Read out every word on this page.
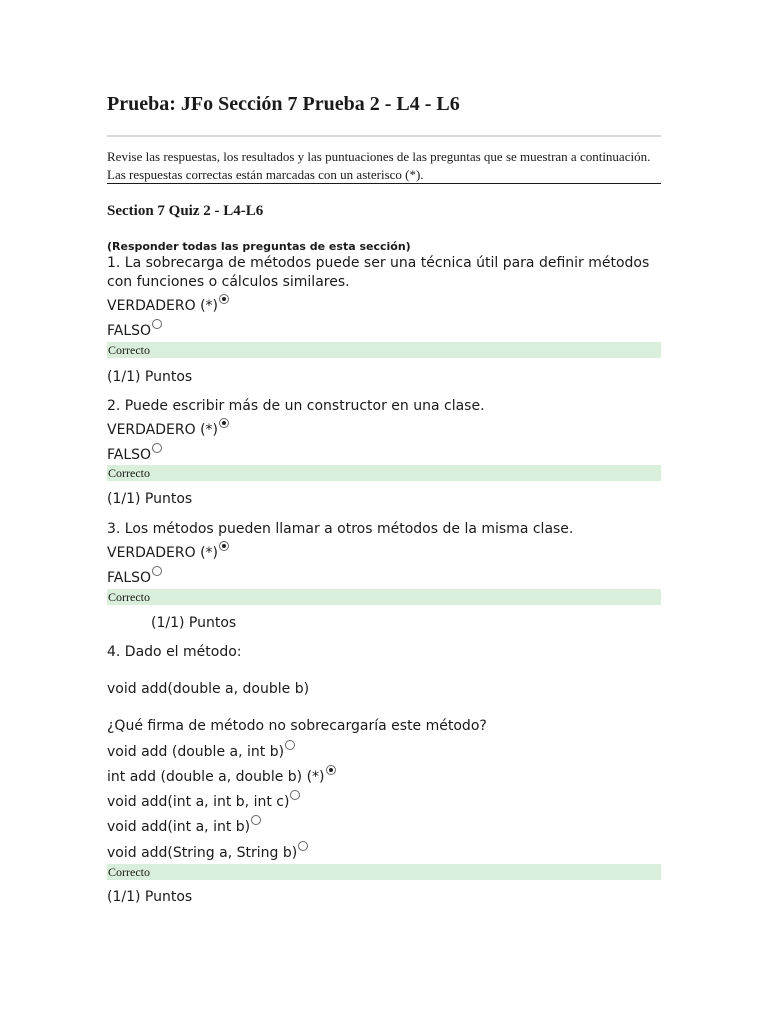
Prueba: JFo Sección 7 Prueba 2 - L4 - L6
Revise las respuestas, los resultados y las puntuaciones de las preguntas que se muestran a continuación. Las respuestas correctas están marcadas con un asterisco (*).
Section 7 Quiz 2 - L4-L6
(Responder todas las preguntas de esta sección)
1. La sobrecarga de métodos puede ser una técnica útil para definir métodos con funciones o cálculos similares.
VERDADERO (*)
FALSO
Correcto
(1/1) Puntos
2. Puede escribir más de un constructor en una clase.
VERDADERO (*)
FALSO
Correcto
(1/1) Puntos
3. Los métodos pueden llamar a otros métodos de la misma clase.
VERDADERO (*)
FALSO
Correcto
(1/1) Puntos
4. Dado el método:
void add(double a, double b)
¿Qué firma de método no sobrecargaría este método?
void add (double a, int b)
int add (double a, double b) (*)
void add(int a, int b, int c)
void add(int a, int b)
void add(String a, String b)
Correcto
(1/1) Puntos
